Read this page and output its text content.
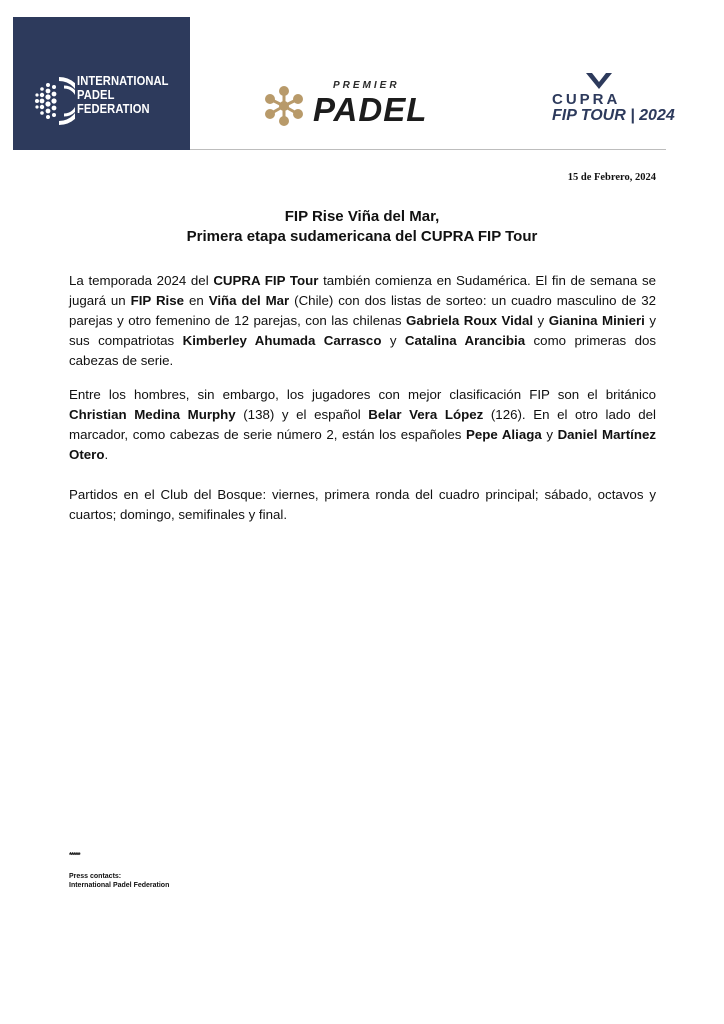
INTERNATIONAL
PADEL
FEDERATION
PREMIER
PADEL	CUPRA
FIP TOUR | 2024
15 de Febrero, 2024
FIP Rise Viña del Mar,
Primera etapa sudamericana del CUPRA FIP Tour

La temporada 2024 del CUPRA FIP Tour también comienza en Sudamérica. El fin de semana se jugará un FIP Rise en Viña del Mar (Chile) con dos listas de sorteo: un cuadro masculino de 32 parejas y otro femenino de 12 parejas, con las chilenas Gabriela Roux Vidal y Gianina Minieri y sus compatriotas Kimberley Ahumada Carrasco y Catalina Arancibia como primeras dos cabezas de serie.

Entre los hombres, sin embargo, los jugadores con mejor clasificación FIP son el británico Christian Medina Murphy (138) y el español Belar Vera López (126). En el otro lado del marcador, como cabezas de serie número 2, están los españoles Pepe Aliaga y Daniel Martínez Otero.

Partidos en el Club del Bosque: viernes, primera ronda del cuadro principal; sábado, octavos y cuartos; domingo, semifinales y final.

*****
Press contacts:
International Padel Federation
